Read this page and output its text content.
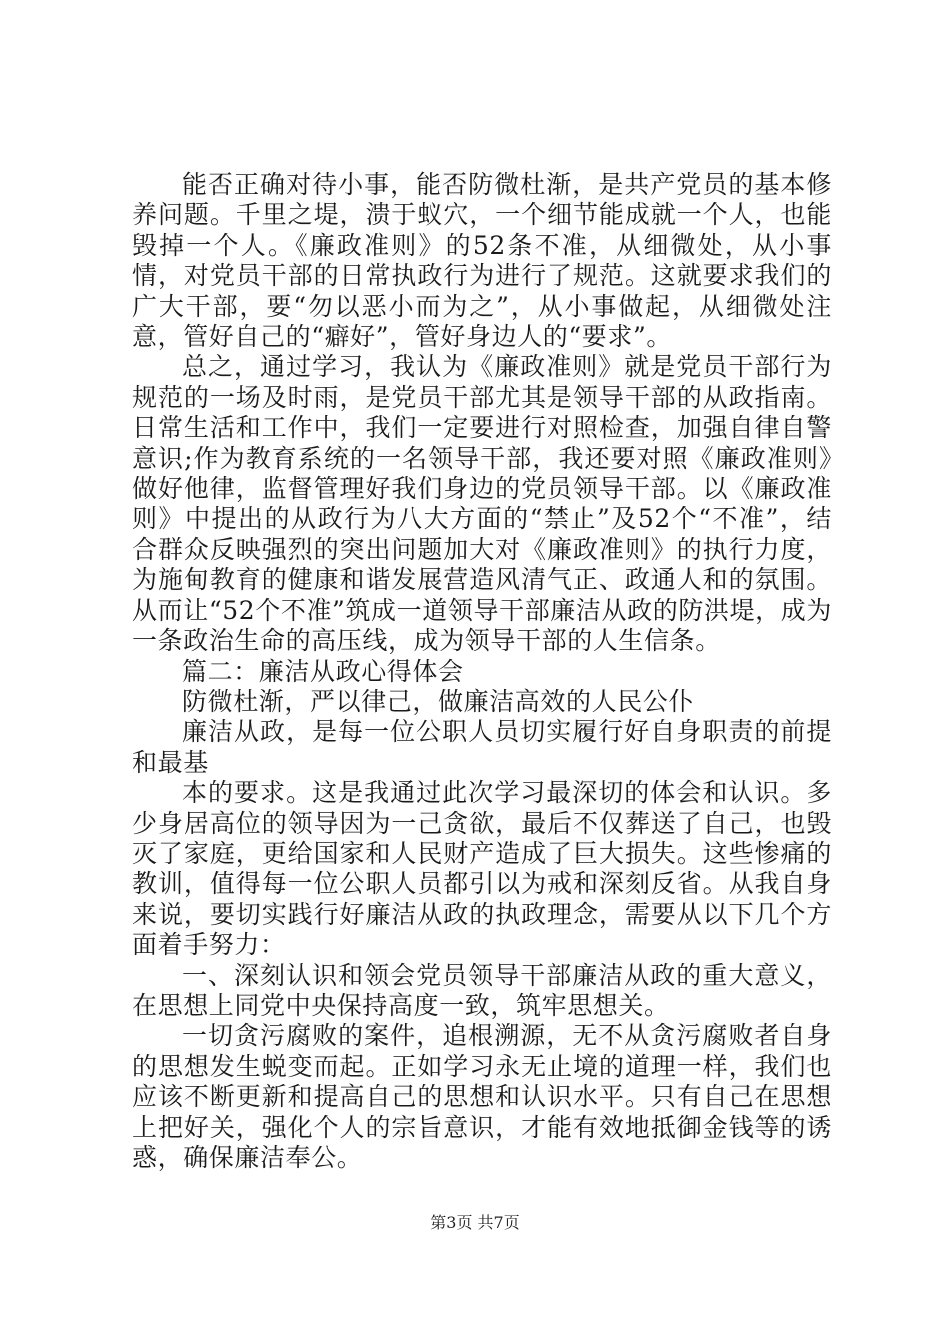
能否正确对待小事，能否防微杜渐，是共产党员的基本修养问题。千里之堤，溃于蚁穴，一个细节能成就一个人，也能毁掉一个人。《廉政准则》的52条不准，从细微处，从小事情，对党员干部的日常执政行为进行了规范。这就要求我们的广大干部，要“勿以恶小而为之”，从小事做起，从细微处注意，管好自己的“癖好”，管好身边人的“要求”。

总之，通过学习，我认为《廉政准则》就是党员干部行为规范的一场及时雨，是党员干部尤其是领导干部的从政指南。日常生活和工作中，我们一定要进行对照检查，加强自律自警意识;作为教育系统的一名领导干部，我还要对照《廉政准则》做好他律，监督管理好我们身边的党员领导干部。以《廉政准则》中提出的从政行为八大方面的“禁止”及52个“不准”，结合群众反映强烈的突出问题加大对《廉政准则》的执行力度，为施甸教育的健康和谐发展营造风清气正、政通人和的氛围。从而让“52个不准”筑成一道领导干部廉洁从政的防洪堤，成为一条政治生命的高压线，成为领导干部的人生信条。

篇二：廉洁从政心得体会

防微杜渐，严以律己，做廉洁高效的人民公仆

廉洁从政，是每一位公职人员切实履行好自身职责的前提和最基

本的要求。这是我通过此次学习最深切的体会和认识。多少身居高位的领导因为一己贪欲，最后不仅葬送了自己，也毁灭了家庭，更给国家和人民财产造成了巨大损失。这些惨痛的教训，值得每一位公职人员都引以为戒和深刻反省。从我自身来说，要切实践行好廉洁从政的执政理念，需要从以下几个方面着手努力：

一、深刻认识和领会党员领导干部廉洁从政的重大意义，在思想上同党中央保持高度一致，筑牢思想关。

一切贪污腐败的案件，追根溯源，无不从贪污腐败者自身的思想发生蜕变而起。正如学习永无止境的道理一样，我们也应该不断更新和提高自己的思想和认识水平。只有自己在思想上把好关，强化个人的宗旨意识，才能有效地抵御金钱等的诱惑，确保廉洁奉公。

第3页 共7页
